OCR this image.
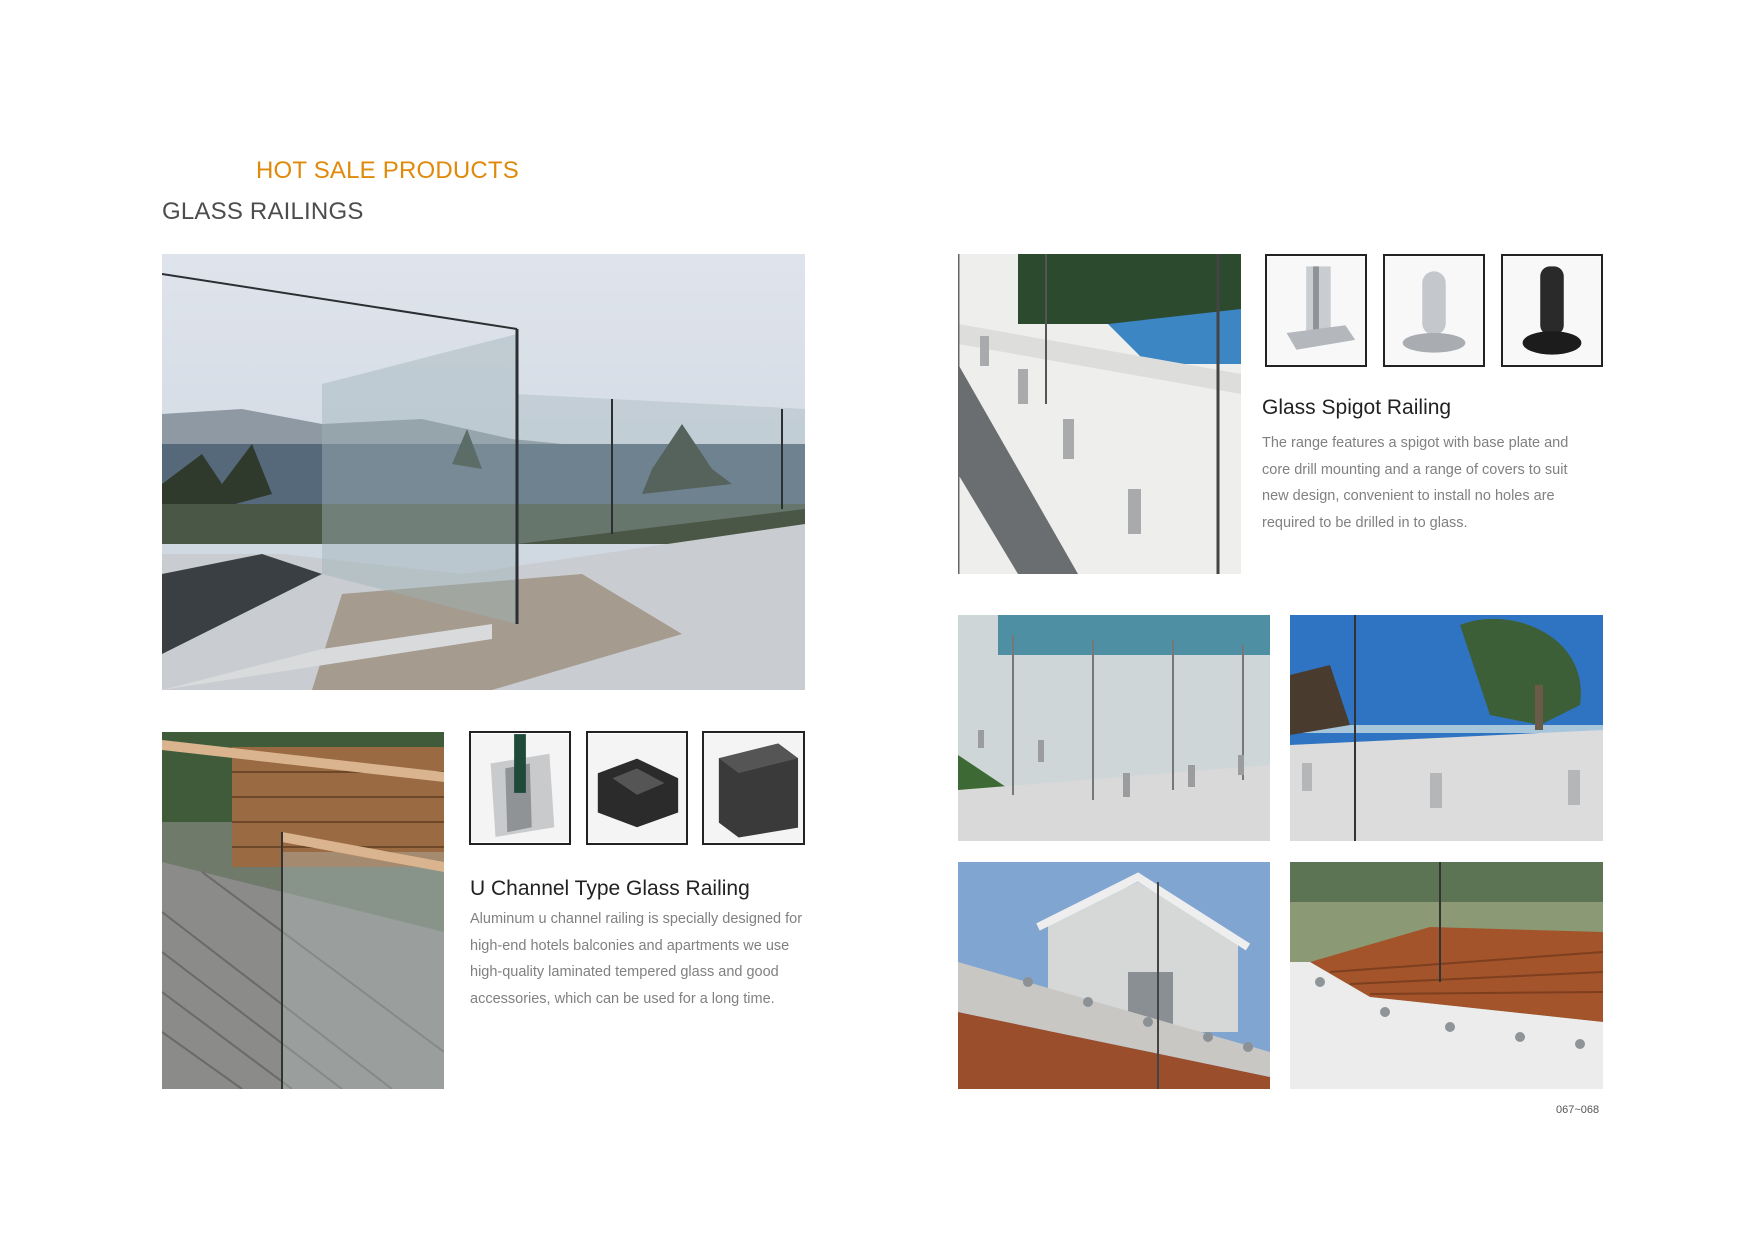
HOT SALE PRODUCTS
GLASS RAILINGS
U Channel Type Glass Railing
Aluminum u channel railing is specially designed for high-end hotels balconies and apartments we use high-quality laminated tempered glass and good accessories, which can be used for a long time.
Glass Spigot Railing
The range features a spigot with base plate and core drill mounting and a range of covers to suit new design, convenient to install no holes are required to be drilled in to glass.
067~068
